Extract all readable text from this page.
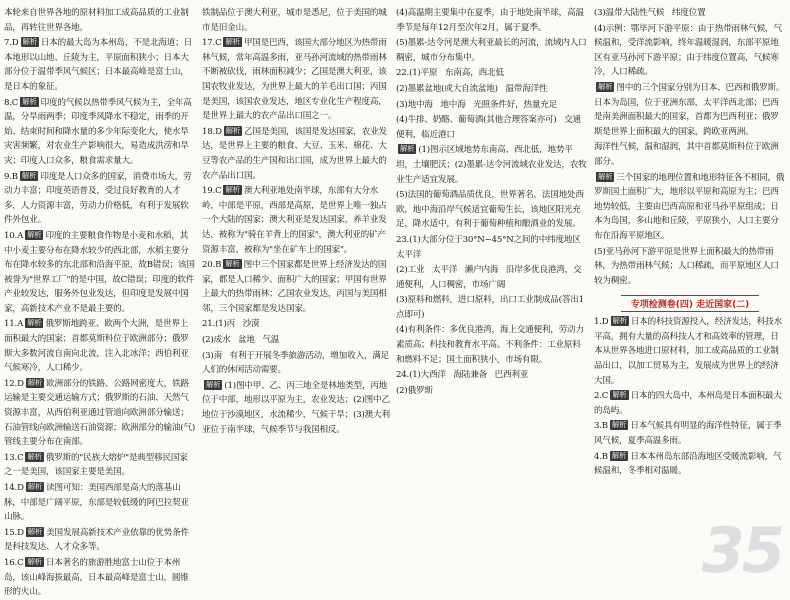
本轮来自世界各地的原材料加工成高品质的工业制品，再转往世界各地。
7.D 解析 日本的最大岛为本州岛，不是北海道；日本地形以山地、丘陵为主，平原面积狭小；日本大部分位于温带季风气候区；日本最高峰是富士山，是日本的象征。
8.C 解析 印度的气候以热带季风气候为主，全年高温，分旱雨两季；印度季风降水不稳定，雨季的开始、结束时间和降水量的多少年际变化大，使水旱灾害频繁，对农业生产影响很大，易造成洪涝和旱灾；印度人口众多，粮食需求量大。
9.B 解析 印度是人口众多的国家，消费市场大，劳动力丰富；印度英语普及，受过良好教育的人才多，人力资源丰富，劳动力价格低，有利于发展软件外包业。
10.A 解析 印度的主要粮食作物是小麦和水稻，其中小麦主要分布在降水较少的西北部，水稻主要分布在降水较多的东北部和沿海平原，故B错误；该国被誉为"世界工厂"的是中国，故C错误；印度的软件产业较发达，服务外包业发达，但印度是发展中国家，高新技术产业不是最主要的。
11.A 解析 俄罗斯地跨亚、欧两个大洲，是世界上面积最大的国家；首都莫斯科位于欧洲部分；俄罗斯大多数河流自南向北流，注入北冰洋；西伯利亚气候寒冷，人口稀少。
12.D 解析 欧洲部分的铁路、公路网密度大，铁路运输是主要交通运输方式；俄罗斯的石油、天然气资源丰富，从西伯利亚通过管道向欧洲部分输送；石油管线向欧洲输送石油资源；欧洲部分的输油(气)管线主要分布在南部。
13.C 解析 俄罗斯的"民族大熔炉"是典型移民国家之一是美国，该国家主要是美国。
14.D 解析 读图可知：美国西部是高大的落基山脉，中部是广阔平原，东部是较低缓的阿巴拉契亚山脉。
15.D 解析 美国发展高新技术产业依靠的优势条件是科技发达、人才众多等。
16.C 解析 日本著名的旅游胜地富士山位于本州岛，该山峰海拔最高，日本最高峰是富士山，圆锥形的火山。
铁制品位于澳大利亚，城市是悉尼，位于美国的城市是旧金山。
17.C 解析 甲国是巴西，该国大部分地区为热带雨林气候，常年高温多雨，亚马孙河流域的热带雨林不断被砍伐，雨林面积减少；乙国是澳大利亚，该国农牧业发达，为世界上最大的羊毛出口国；丙国是美国，该国农业发达，地区专业化生产程度高，是世界上最大的农产品出口国之一。
18.D 解析 乙国是美国，该国是发达国家，农业发达，是世界上主要的粮食、大豆、玉米、棉花、大豆等农产品的生产国和出口国，成为世界上最大的农产品出口国。
19.C 解析 澳大利亚地处南半球，东部有大分水岭，中部是平原，西部是高原，是世界上唯一独占一个大陆的国家；澳大利亚是发达国家，养羊业发达，被称为"骑在羊背上的国家"，澳大利亚的矿产资源丰富，被称为"坐在矿车上的国家"。
20.B 解析 图中三个国家都是世界上经济发达的国家，都是人口稀少、面积广大的国家；甲国有世界上最大的热带雨林；乙国农业发达，丙国与美国相邻，三个国家都是发达国家。
21.(1)丙   沙漠
(2)成水   盆地   气温
(3)南   有利于开展冬季旅游活动，增加收入，满足人们的休闲活动需要。
解析 (1)图中甲、乙、丙三地全是林地类型，丙地位于中部，地形以平原为主，农业发达；(2)图中乙地位于沙漠地区，水流稀少，气候干旱；(3)澳大利亚位于南半球，气候季节与我国相反。
(4)高温期主要集中在夏季，由于地处南半球，高温季节是每年12月至次年2月，属于夏季。
(5)墨累-达令河是澳大利亚最长的河流，流域内人口稠密，城市分布集中。
22.(1)平原   东南高，西北低
(2)墨累盆地(或大自流盆地)   温带海洋性
(3)地中海   地中海   光照条件好，热量充足
(4)牛排、奶酪、葡萄酒(其他合理答案亦可)   交通便利，临近港口
解析 (1)图示区域地势东南高、西北低，地势平坦，土壤肥沃；(2)墨累-达令河流域农业发达，农牧业生产适宜发展。
(5)法国的葡萄酒品质优良，世界著名，法国地处西欧，地中海沿岸气候适宜葡萄生长，该地区阳光充足，降水适中，有利于葡萄种植和酿酒业的发展。
23.(1)大部分位于30°N~45°N之间的中纬度地区   太平洋
(2)工业   太平洋   濑户内海   沿岸多优良港湾，交通便利，人口稠密，市场广阔
(3)原料和燃料，进口原料，出口工业制成品(答出1点即可)
(4)有利条件：多优良港湾，海上交通便利，劳动力素质高；科技和教育水平高。不利条件：工业原料和燃料不足；国土面积狭小，市场有限。
24.(1)大西洋   海陆兼备   巴西利亚
(2)俄罗斯
(3)温带大陆性气候   纬度位置
(4)示例：鄂毕河下游平原：由于热带雨林气候，气候温和，受洋流影响，终年温暖湿润，东部平原地区有亚马孙河下游平原；由于纬度位置高，气候寒冷，人口稀疏。
解析 图中的三个国家分别为日本、巴西和俄罗斯。日本为岛国，位于亚洲东部，太平洋西北部；巴西是南美洲面积最大的国家，首都为巴西利亚；俄罗斯是世界上面积最大的国家，跨欧亚两洲。
海洋性气候，温和湿润，其中首都莫斯科位于欧洲部分。
解析 三个国家的地理位置和地形特征各不相同，俄罗斯国土面积广大，地形以平原和高原为主；巴西地势较低，主要由巴西高原和亚马孙平原组成；日本为岛国，多山地和丘陵，平原狭小，人口主要分布在沿海平原地区。
(5)亚马孙河下游平原是世界上面积最大的热带雨林，为热带雨林气候；人口稀疏，而平原地区人口较为稠密。
专项检测卷(四) 走近国家(二)
1.D 解析 日本的科技资源投入，经济发达，科技水平高，拥有大量的高科技人才和高效率的管理，日本从世界各地进口原材料，加工成高品质的工业制品出口，以加工贸易为主，发展成为世界上的经济大国。
2.C 解析 日本的四大岛中，本州岛是日本面积最大的岛屿。
3.B 解析 日本气候具有明显的海洋性特征，属于季风气候，夏季高温多雨。
4.B 解析 日本本州岛东部沿海地区受暖流影响，气候温和，冬季相对温暖。
35
